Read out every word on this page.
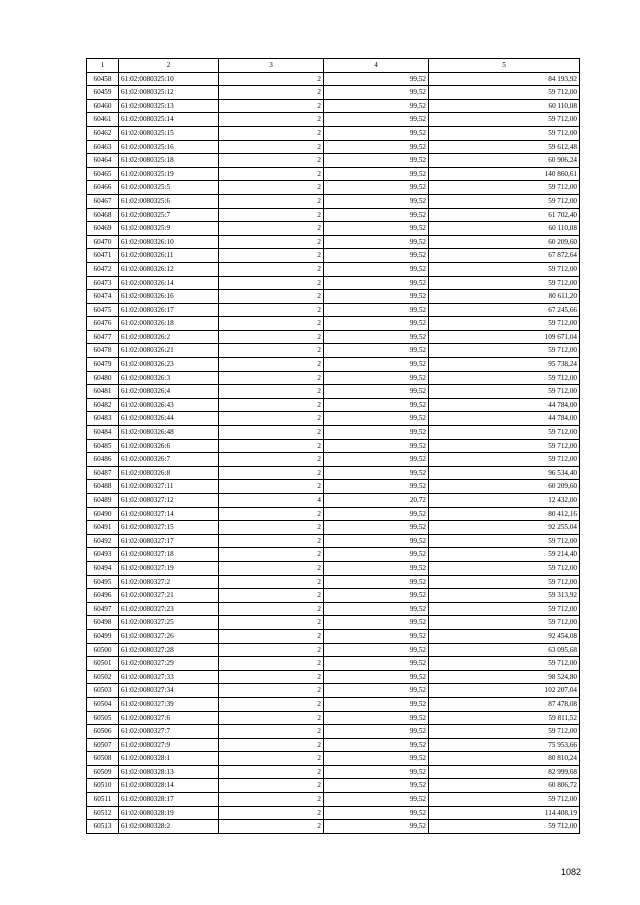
1	2	3	4	5
60458	61:02:0080325:10	2	99,52	84 193,92
60459	61:02:0080325:12	2	99,52	59 712,00
60460	61:02:0080325:13	2	99,52	60 110,08
60461	61:02:0080325:14	2	99,52	59 712,00
60462	61:02:0080325:15	2	99,52	59 712,00
60463	61:02:0080325:16	2	99,52	59 612,48
60464	61:02:0080325:18	2	99,52	60 906,24
60465	61:02:0080325:19	2	99,52	140 860,61
60466	61:02:0080325:5	2	99,52	59 712,00
60467	61:02:0080325:6	2	99,52	59 712,00
60468	61:02:0080325:7	2	99,52	61 702,40
60469	61:02:0080325:9	2	99,52	60 110,08
60470	61:02:0080326:10	2	99,52	60 209,60
60471	61:02:0080326:11	2	99,52	67 872,64
60472	61:02:0080326:12	2	99,52	59 712,00
60473	61:02:0080326:14	2	99,52	59 712,00
60474	61:02:0080326:16	2	99,52	80 611,20
60475	61:02:0080326:17	2	99,52	67 245,66
60476	61:02:0080326:18	2	99,52	59 712,00
60477	61:02:0080326:2	2	99,52	109 671,04
60478	61:02:0080326:21	2	99,52	59 712,00
60479	61:02:0080326:23	2	99,52	95 738,24
60480	61:02:0080326:3	2	99,52	59 712,00
60481	61:02:0080326:4	2	99,52	59 712,00
60482	61:02:0080326:43	2	99,52	44 784,00
60483	61:02:0080326:44	2	99,52	44 784,00
60484	61:02:0080326:48	2	99,52	59 712,00
60485	61:02:0080326:6	2	99,52	59 712,00
60486	61:02:0080326:7	2	99,52	59 712,00
60487	61:02:0080326:8	2	99,52	96 534,40
60488	61:02:0080327:11	2	99,52	60 209,60
60489	61:02:0080327:12	4	20,72	12 432,00
60490	61:02:0080327:14	2	99,52	80 412,16
60491	61:02:0080327:15	2	99,52	92 255,04
60492	61:02:0080327:17	2	99,52	59 712,00
60493	61:02:0080327:18	2	99,52	59 214,40
60494	61:02:0080327:19	2	99,52	59 712,00
60495	61:02:0080327:2	2	99,52	59 712,00
60496	61:02:0080327:21	2	99,52	59 313,92
60497	61:02:0080327:23	2	99,52	59 712,00
60498	61:02:0080327:25	2	99,52	59 712,00
60499	61:02:0080327:26	2	99,52	92 454,08
60500	61:02:0080327:28	2	99,52	63 095,68
60501	61:02:0080327:29	2	99,52	59 712,00
60502	61:02:0080327:33	2	99,52	98 524,80
60503	61:02:0080327:34	2	99,52	102 207,04
60504	61:02:0080327:39	2	99,52	87 478,08
60505	61:02:0080327:6	2	99,52	59 811,52
60506	61:02:0080327:7	2	99,52	59 712,00
60507	61:02:0080327:9	2	99,52	75 953,66
60508	61:02:0080328:1	2	99,52	80 810,24
60509	61:02:0080328:13	2	99,52	82 999,68
60510	61:02:0080328:14	2	99,52	60 806,72
60511	61:02:0080328:17	2	99,52	59 712,00
60512	61:02:0080328:19	2	99,52	114 408,19
60513	61:02:0080328:2	2	99,52	59 712,00
1082
